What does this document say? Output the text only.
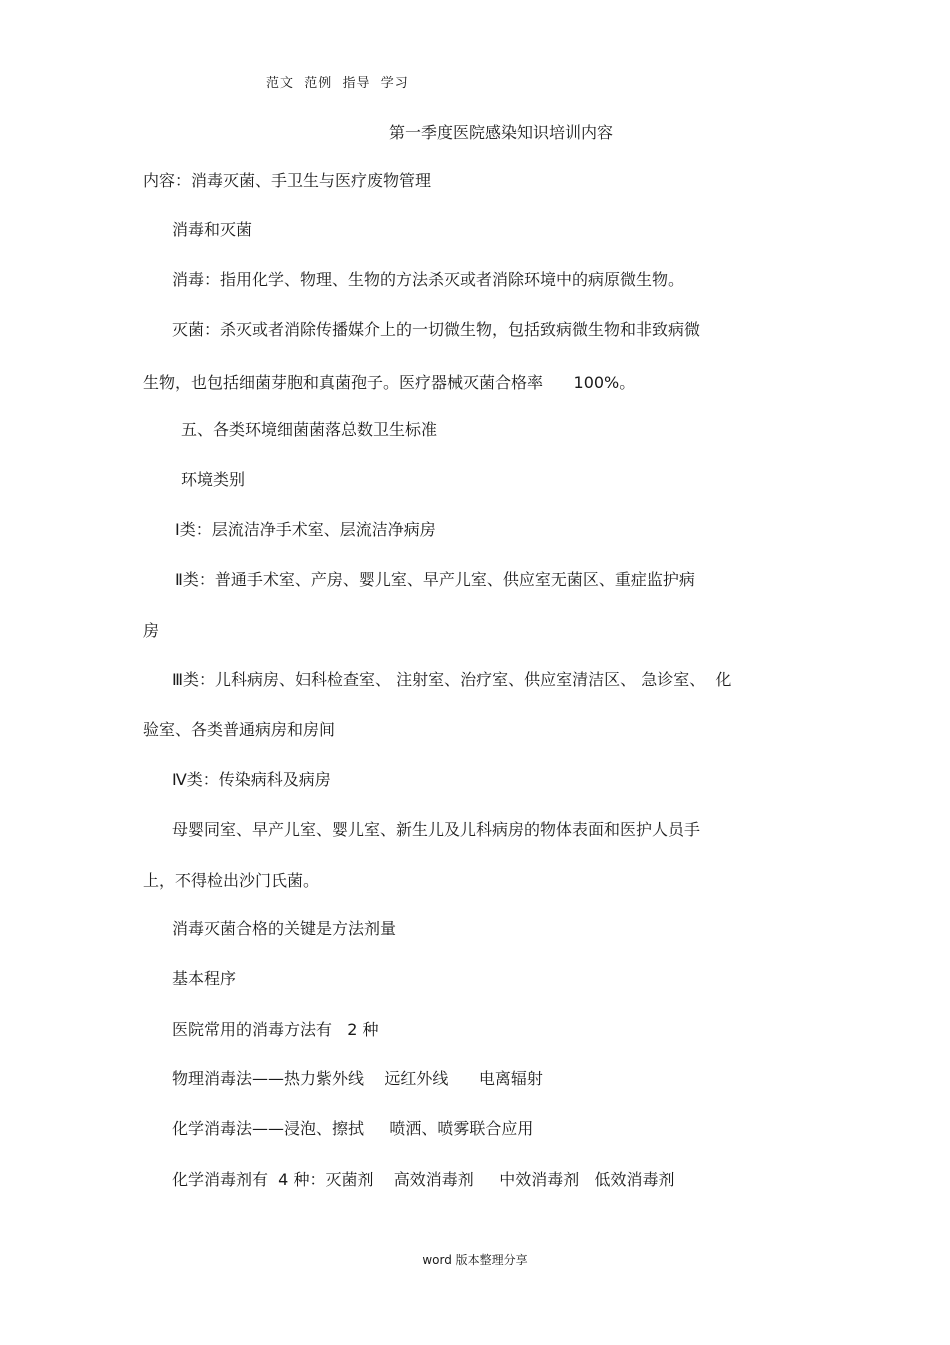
范文  范例  指导  学习
第一季度医院感染知识培训内容
内容：消毒灭菌、手卫生与医疗废物管理
消毒和灭菌
消毒：指用化学、物理、生物的方法杀灭或者消除环境中的病原微生物。
灭菌：杀灭或者消除传播媒介上的一切微生物，包括致病微生物和非致病微
生物，也包括细菌芽胞和真菌孢子。医疗器械灭菌合格率      100%。
五、各类环境细菌菌落总数卫生标准
环境类别
Ⅰ类：层流洁净手术室、层流洁净病房
Ⅱ类：普通手术室、产房、婴儿室、早产儿室、供应室无菌区、重症监护病
房
Ⅲ类：儿科病房、妇科检查室、 注射室、治疗室、供应室清洁区、 急诊室、  化
验室、各类普通病房和房间
Ⅳ类：传染病科及病房
母婴同室、早产儿室、婴儿室、新生儿及儿科病房的物体表面和医护人员手
上，不得检出沙门氏菌。
消毒灭菌合格的关键是方法剂量
基本程序
医院常用的消毒方法有   2 种
物理消毒法——热力紫外线    远红外线      电离辐射
化学消毒法——浸泡、擦拭     喷洒、喷雾联合应用
化学消毒剂有  4 种：灭菌剂    高效消毒剂     中效消毒剂   低效消毒剂
word 版本整理分享
